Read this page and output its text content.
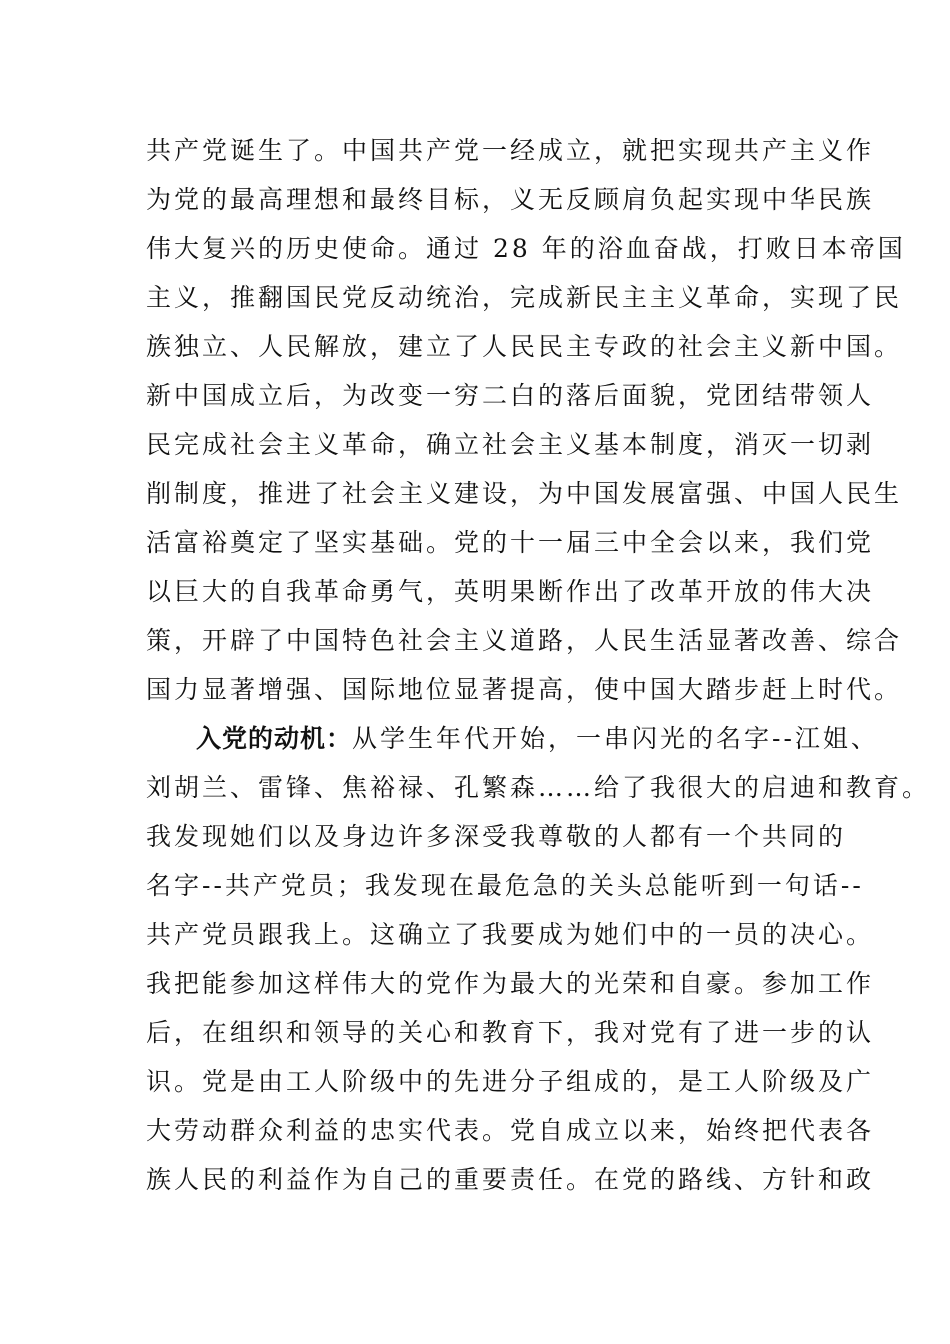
共产党诞生了。中国共产党一经成立，就把实现共产主义作
为党的最高理想和最终目标，义无反顾肩负起实现中华民族
伟大复兴的历史使命。通过 28 年的浴血奋战，打败日本帝国
主义，推翻国民党反动统治，完成新民主主义革命，实现了民
族独立、人民解放，建立了人民民主专政的社会主义新中国。
新中国成立后，为改变一穷二白的落后面貌，党团结带领人
民完成社会主义革命，确立社会主义基本制度，消灭一切剥
削制度，推进了社会主义建设，为中国发展富强、中国人民生
活富裕奠定了坚实基础。党的十一届三中全会以来，我们党
以巨大的自我革命勇气，英明果断作出了改革开放的伟大决
策，开辟了中国特色社会主义道路，人民生活显著改善、综合
国力显著增强、国际地位显著提高，使中国大踏步赶上时代。
入党的动机：从学生年代开始，一串闪光的名字--江姐、
刘胡兰、雷锋、焦裕禄、孔繁森……给了我很大的启迪和教育。
我发现她们以及身边许多深受我尊敬的人都有一个共同的
名字--共产党员；我发现在最危急的关头总能听到一句话--
共产党员跟我上。这确立了我要成为她们中的一员的决心。
我把能参加这样伟大的党作为最大的光荣和自豪。参加工作
后，在组织和领导的关心和教育下，我对党有了进一步的认
识。党是由工人阶级中的先进分子组成的，是工人阶级及广
大劳动群众利益的忠实代表。党自成立以来，始终把代表各
族人民的利益作为自己的重要责任。在党的路线、方针和政
